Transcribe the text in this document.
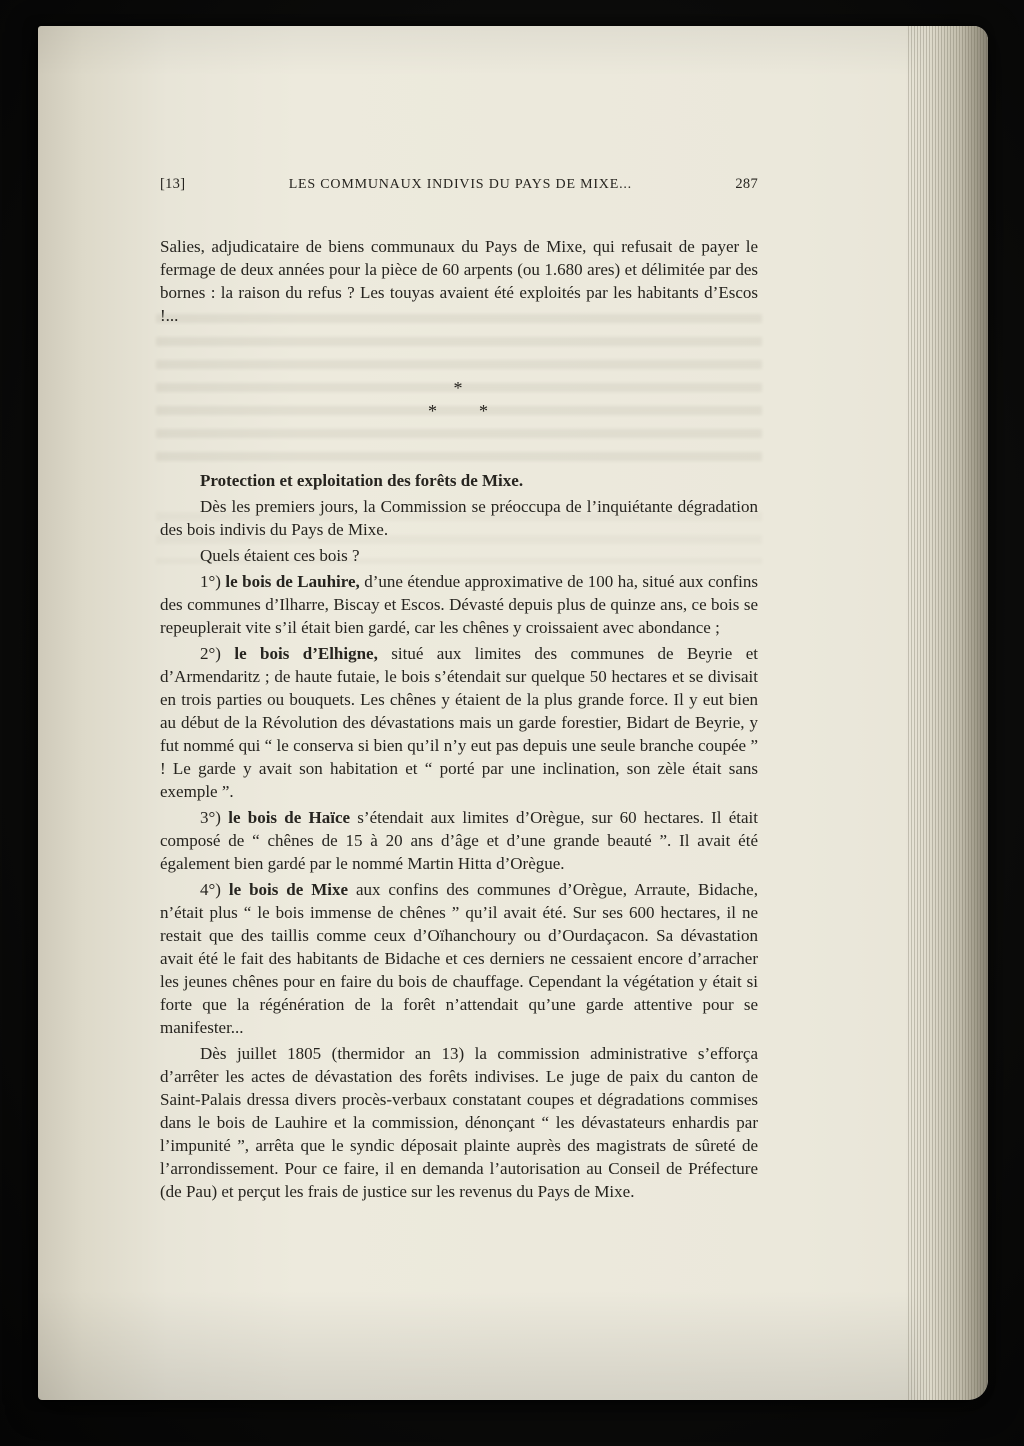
[13]	LES COMMUNAUX INDIVIS DU PAYS DE MIXE...	287

Salies, adjudicataire de biens communaux du Pays de Mixe, qui refusait de payer le fermage de deux années pour la pièce de 60 arpents (ou 1.680 ares) et délimitée par des bornes : la raison du refus ? Les touyas avaient été exploités par les habitants d’Escos !...

*
*  *

Protection et exploitation des forêts de Mixe.

Dès les premiers jours, la Commission se préoccupa de l’inquiétante dégradation des bois indivis du Pays de Mixe.

Quels étaient ces bois ?

1°) le bois de Lauhire, d’une étendue approximative de 100 ha, situé aux confins des communes d’Ilharre, Biscay et Escos. Dévasté depuis plus de quinze ans, ce bois se repeuplerait vite s’il était bien gardé, car les chênes y croissaient avec abondance ;

2°) le bois d’Elhigne, situé aux limites des communes de Beyrie et d’Armendaritz ; de haute futaie, le bois s’étendait sur quelque 50 hectares et se divisait en trois parties ou bouquets. Les chênes y étaient de la plus grande force. Il y eut bien au début de la Révolution des dévastations mais un garde forestier, Bidart de Beyrie, y fut nommé qui “ le conserva si bien qu’il n’y eut pas depuis une seule branche coupée ” ! Le garde y avait son habitation et “ porté par une inclination, son zèle était sans exemple ”.

3°) le bois de Haïce s’étendait aux limites d’Orègue, sur 60 hectares. Il était composé de “ chênes de 15 à 20 ans d’âge et d’une grande beauté ”. Il avait été également bien gardé par le nommé Martin Hitta d’Orègue.

4°) le bois de Mixe aux confins des communes d’Orègue, Arraute, Bidache, n’était plus “ le bois immense de chênes ” qu’il avait été. Sur ses 600 hectares, il ne restait que des taillis comme ceux d’Oïhanchoury ou d’Ourdaçacon. Sa dévastation avait été le fait des habitants de Bidache et ces derniers ne cessaient encore d’arracher les jeunes chênes pour en faire du bois de chauffage. Cependant la végétation y était si forte que la régénération de la forêt n’attendait qu’une garde attentive pour se manifester...

Dès juillet 1805 (thermidor an 13) la commission administrative s’efforça d’arrêter les actes de dévastation des forêts indivises. Le juge de paix du canton de Saint-Palais dressa divers procès-verbaux constatant coupes et dégradations commises dans le bois de Lauhire et la commission, dénonçant “ les dévastateurs enhardis par l’impunité ”, arrêta que le syndic déposait plainte auprès des magistrats de sûreté de l’arrondissement. Pour ce faire, il en demanda l’autorisation au Conseil de Préfecture (de Pau) et perçut les frais de justice sur les revenus du Pays de Mixe.
